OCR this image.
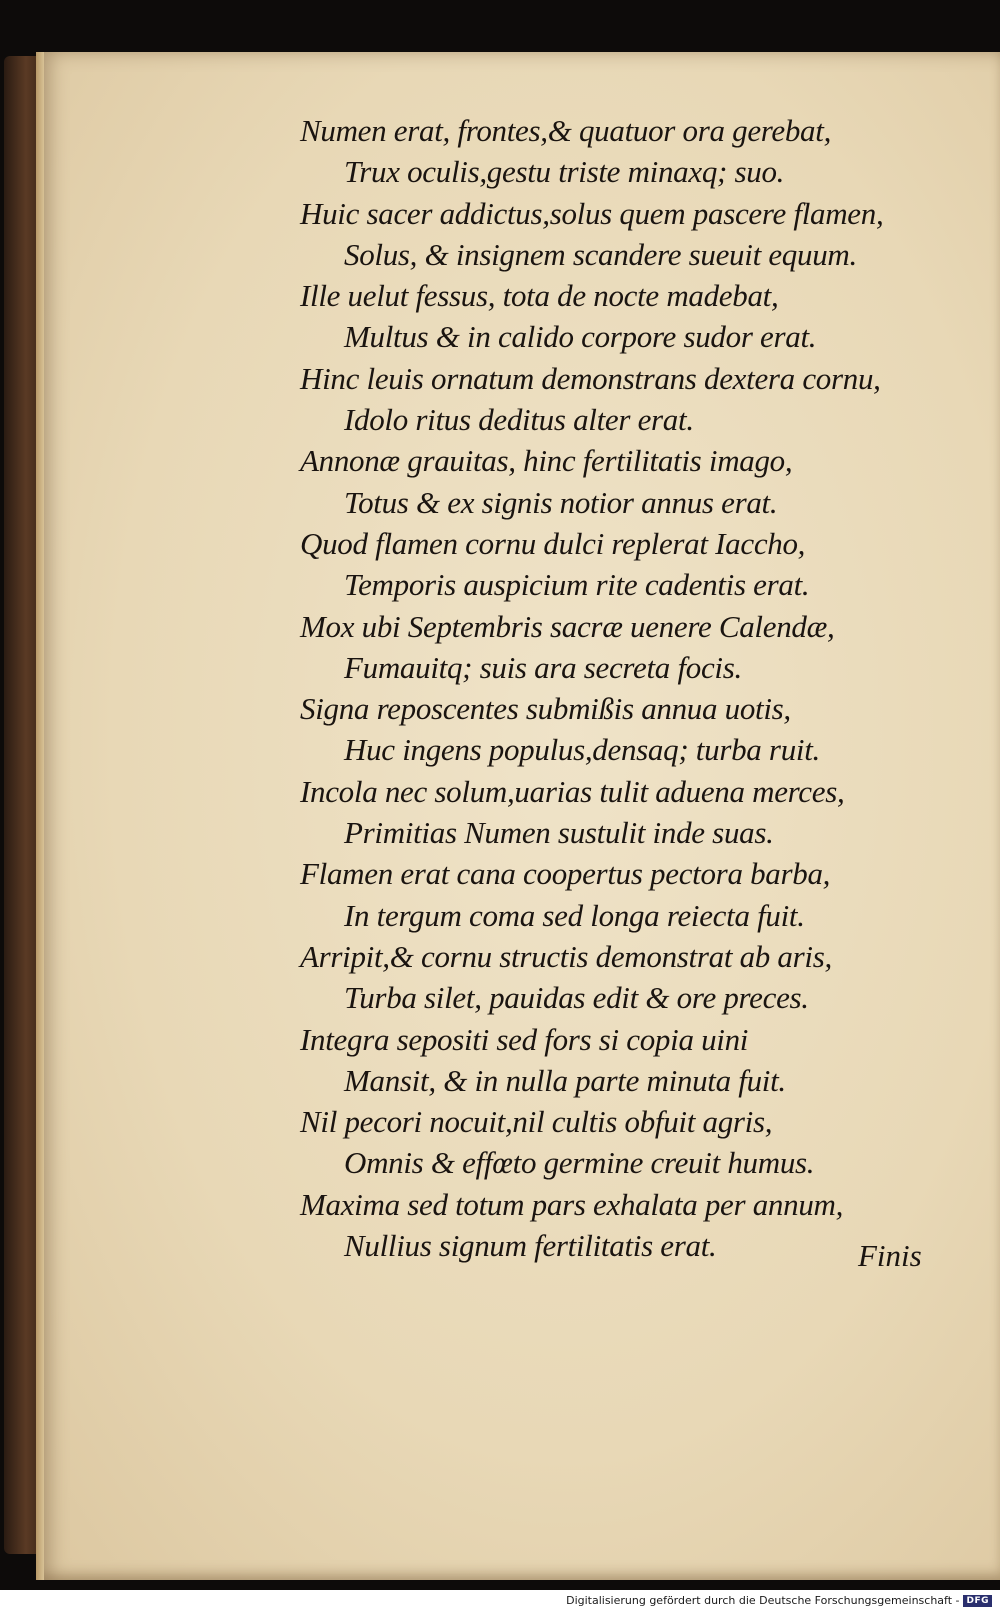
Numen erat, frontes,& quatuor ora gerebat,
Trux oculis,gestu triste minaxq; suo.
Huic sacer addictus,solus quem pascere flamen,
Solus, & insignem scandere sueuit equum.
Ille uelut fessus, tota de nocte madebat,
Multus & in calido corpore sudor erat.
Hinc leuis ornatum demonstrans dextera cornu,
Idolo ritus deditus alter erat.
Annonæ grauitas, hinc fertilitatis imago,
Totus & ex signis notior annus erat.
Quod flamen cornu dulci replerat Iaccho,
Temporis auspicium rite cadentis erat.
Mox ubi Septembris sacræ uenere Calendæ,
Fumauitq; suis ara secreta focis.
Signa reposcentes submißis annua uotis,
Huc ingens populus,densaq; turba ruit.
Incola nec solum,uarias tulit aduena merces,
Primitias Numen sustulit inde suas.
Flamen erat cana coopertus pectora barba,
In tergum coma sed longa reiecta fuit.
Arripit,& cornu structis demonstrat ab aris,
Turba silet, pauidas edit & ore preces.
Integra sepositi sed fors si copia uini
Mansit, & in nulla parte minuta fuit.
Nil pecori nocuit,nil cultis obfuit agris,
Omnis & effœto germine creuit humus.
Maxima sed totum pars exhalata per annum,
Nullius signum fertilitatis erat.	Finis
Digitalisierung gefördert durch die Deutsche Forschungsgemeinschaft - DFG
